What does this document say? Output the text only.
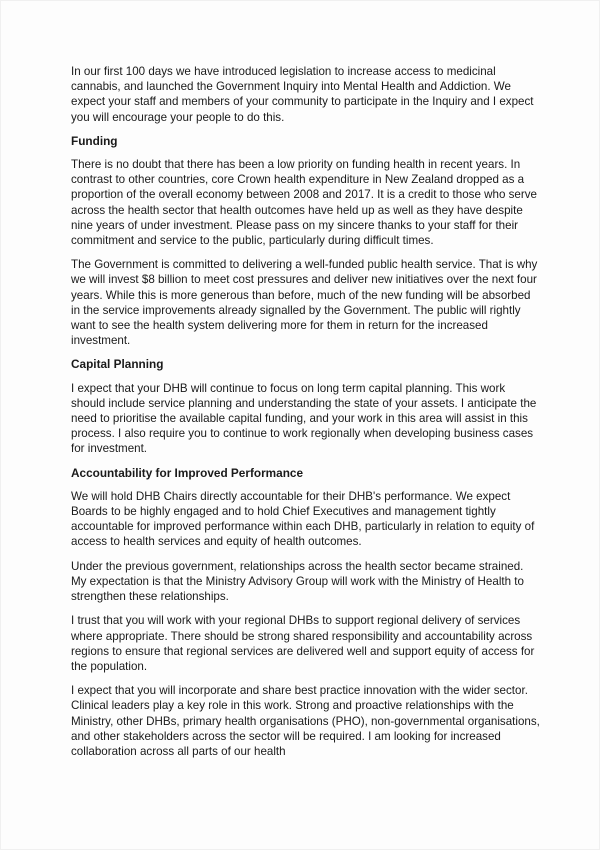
In our first 100 days we have introduced legislation to increase access to medicinal cannabis, and launched the Government Inquiry into Mental Health and Addiction. We expect your staff and members of your community to participate in the Inquiry and I expect you will encourage your people to do this.

Funding

There is no doubt that there has been a low priority on funding health in recent years. In contrast to other countries, core Crown health expenditure in New Zealand dropped as a proportion of the overall economy between 2008 and 2017. It is a credit to those who serve across the health sector that health outcomes have held up as well as they have despite nine years of under investment. Please pass on my sincere thanks to your staff for their commitment and service to the public, particularly during difficult times.

The Government is committed to delivering a well-funded public health service. That is why we will invest $8 billion to meet cost pressures and deliver new initiatives over the next four years. While this is more generous than before, much of the new funding will be absorbed in the service improvements already signalled by the Government. The public will rightly want to see the health system delivering more for them in return for the increased investment.

Capital Planning

I expect that your DHB will continue to focus on long term capital planning. This work should include service planning and understanding the state of your assets. I anticipate the need to prioritise the available capital funding, and your work in this area will assist in this process. I also require you to continue to work regionally when developing business cases for investment.

Accountability for Improved Performance

We will hold DHB Chairs directly accountable for their DHB's performance. We expect Boards to be highly engaged and to hold Chief Executives and management tightly accountable for improved performance within each DHB, particularly in relation to equity of access to health services and equity of health outcomes.

Under the previous government, relationships across the health sector became strained. My expectation is that the Ministry Advisory Group will work with the Ministry of Health to strengthen these relationships.

I trust that you will work with your regional DHBs to support regional delivery of services where appropriate. There should be strong shared responsibility and accountability across regions to ensure that regional services are delivered well and support equity of access for the population.

I expect that you will incorporate and share best practice innovation with the wider sector. Clinical leaders play a key role in this work. Strong and proactive relationships with the Ministry, other DHBs, primary health organisations (PHO), non-governmental organisations, and other stakeholders across the sector will be required. I am looking for increased collaboration across all parts of our health
